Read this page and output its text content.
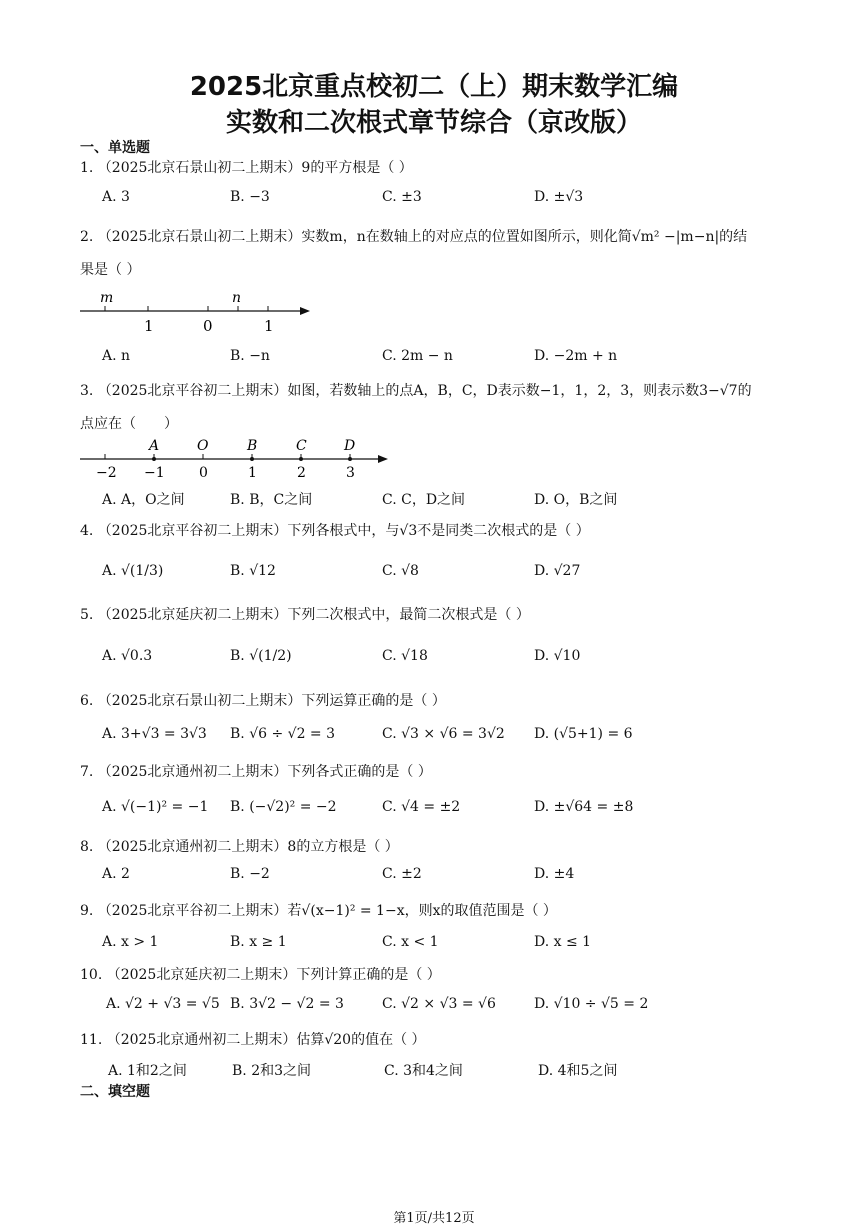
2025北京重点校初二（上）期末数学汇编
实数和二次根式章节综合（京改版）
一、单选题
1. （2025北京石景山初二上期末）9的平方根是（ ）
A. 3	B. −3	C. ±3	D. ±√3
2. （2025北京石景山初二上期末）实数m，n在数轴上的对应点的位置如图所示，则化简√m² −|m−n|的结
果是（ ）
m	n
1	0	1
A. n	B. −n	C. 2m − n	D. −2m + n
3. （2025北京平谷初二上期末）如图，若数轴上的点A，B，C，D表示数−1，1，2，3，则表示数3−√7的
点应在（　　）
A	O	B	C	D
−2 −1 0	1	2	3
A. A，O之间	B. B，C之间	C. C，D之间	D. O，B之间
4. （2025北京平谷初二上期末）下列各根式中，与√3不是同类二次根式的是（ ）
A. √(1/3)	B. √12	C. √8	D. √27
5. （2025北京延庆初二上期末）下列二次根式中，最简二次根式是（ ）
A. √0.3	B. √(1/2)	C. √18	D. √10
6. （2025北京石景山初二上期末）下列运算正确的是（ ）
A. 3+√3 = 3√3 B. √6 ÷ √2 = 3	C. √3 × √6 = 3√2 D. (√5+1) = 6
7. （2025北京通州初二上期末）下列各式正确的是（ ）
A. √(−1)² = −1 B. (−√2)² = −2	C. √4 = ±2	D. ±√64 = ±8
8. （2025北京通州初二上期末）8的立方根是（ ）
A. 2	B. −2	C. ±2	D. ±4
9. （2025北京平谷初二上期末）若√(x−1)² = 1−x，则x的取值范围是（ ）
A. x > 1	B. x ≥ 1	C. x < 1	D. x ≤ 1
10. （2025北京延庆初二上期末）下列计算正确的是（ ）
A. √2 + √3 = √5 B. 3√2 − √2 = 3	C. √2 × √3 = √6	D. √10 ÷ √5 = 2
11. （2025北京通州初二上期末）估算√20的值在（ ）
A. 1和2之间	B. 2和3之间	C. 3和4之间	D. 4和5之间
二、填空题
第1页/共12页
